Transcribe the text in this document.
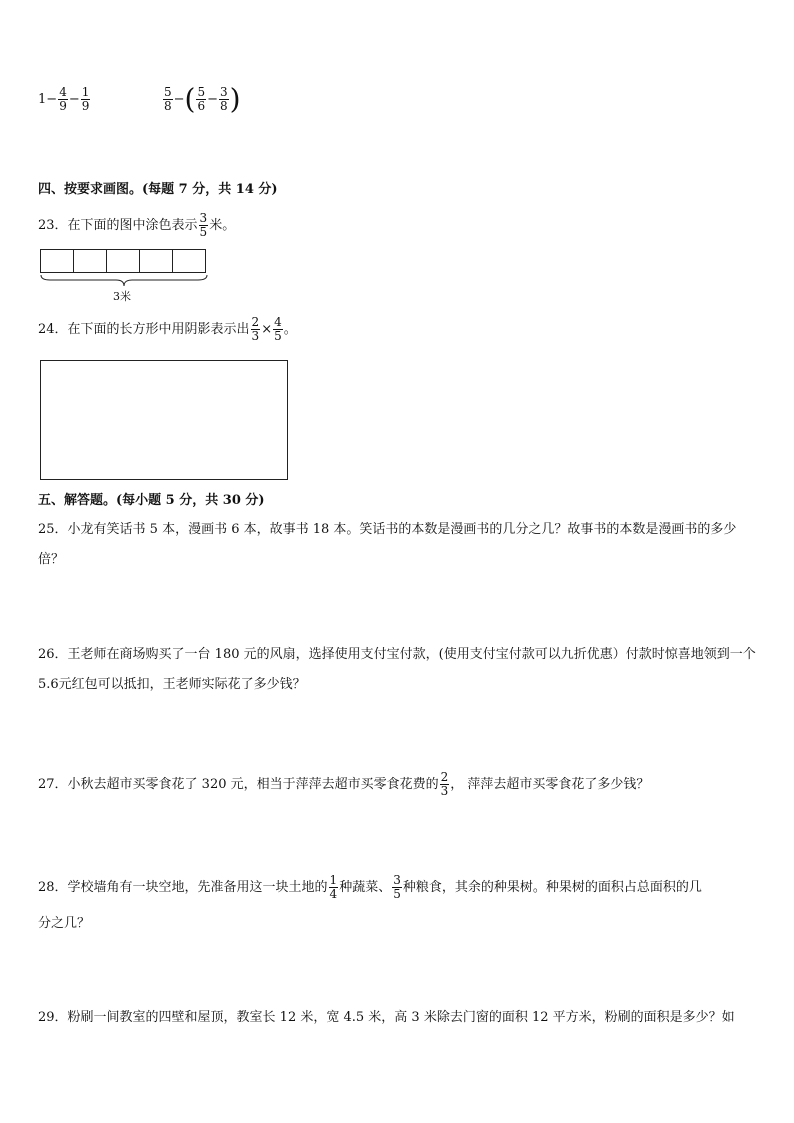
$1- \frac{4}{9} - \frac{1}{9}$	$\frac{5}{8}$ −( $\frac{5}{6} - \frac{3}{8}$ )
四、按要求画图。(每题 7 分，共 14 分)
23．在下面的图中涂色表示 $\frac{3}{5}$ 米。
3米
24．在下面的长方形中用阴影表示出 $\frac{2}{3} \times \frac{4}{5}$ 。
五、解答题。(每小题 5 分，共 30 分)
25．小龙有笑话书 5 本，漫画书 6 本，故事书 18 本。笑话书的本数是漫画书的几分之几？故事书的本数是漫画书的多少倍？
26．王老师在商场购买了一台 180 元的风扇，选择使用支付宝付款，(使用支付宝付款可以九折优惠）付款时惊喜地领到一个 5.6元红包可以抵扣，王老师实际花了多少钱？
27．小秋去超市买零食花了 320 元，相当于萍萍去超市买零食花费的 $\frac{2}{3}$ ， 萍萍去超市买零食花了多少钱？
28．学校墙角有一块空地，先准备用这一块土地的 $\frac{1}{4}$ 种蔬菜、 $\frac{3}{5}$ 种粮食，其余的种果树。种果树的面积占总面积的几
分之几？
29．粉刷一间教室的四壁和屋顶，教室长 12 米，宽 4.5 米，高 3 米除去门窗的面积 12 平方米，粉刷的面积是多少？如
